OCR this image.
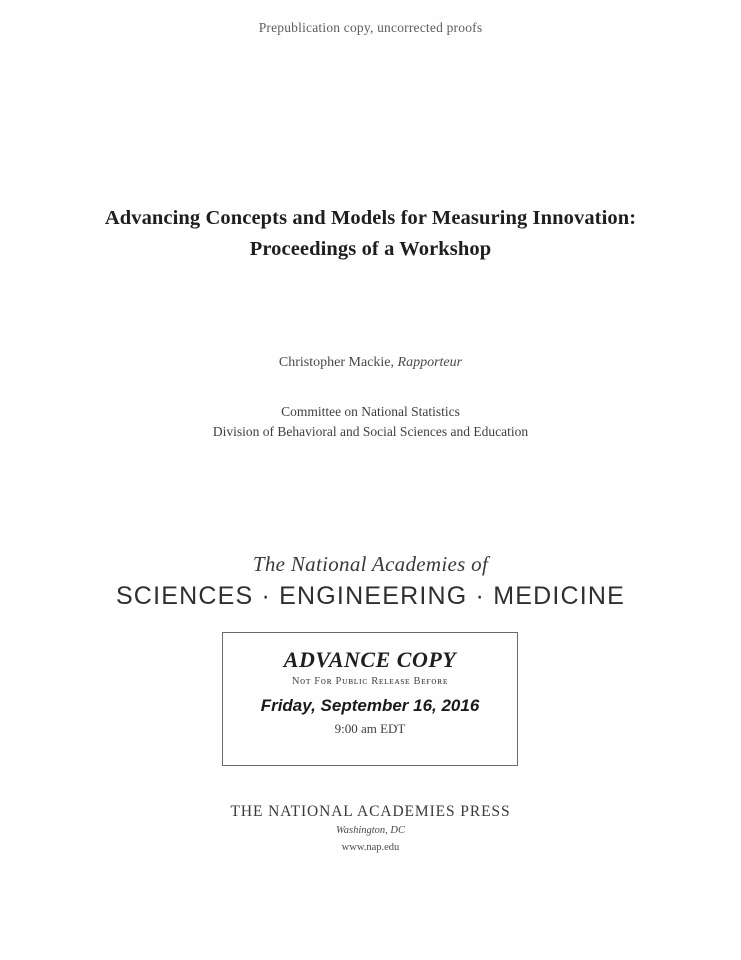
Prepublication copy, uncorrected proofs
Advancing Concepts and Models for Measuring Innovation:
Proceedings of a Workshop
Christopher Mackie, Rapporteur
Committee on National Statistics
Division of Behavioral and Social Sciences and Education
The National Academies of
SCIENCES · ENGINEERING · MEDICINE
ADVANCE COPY
Nᴏᴛ Fᴏʀ Pᴜʙʟɪᴄ Rᴇʟᴇᴀѕᴇ Bᴇғᴏʀᴇ
Friday, September 16, 2016
9:00 am EDT
THE NATIONAL ACADEMIES PRESS
Washington, DC
www.nap.edu
